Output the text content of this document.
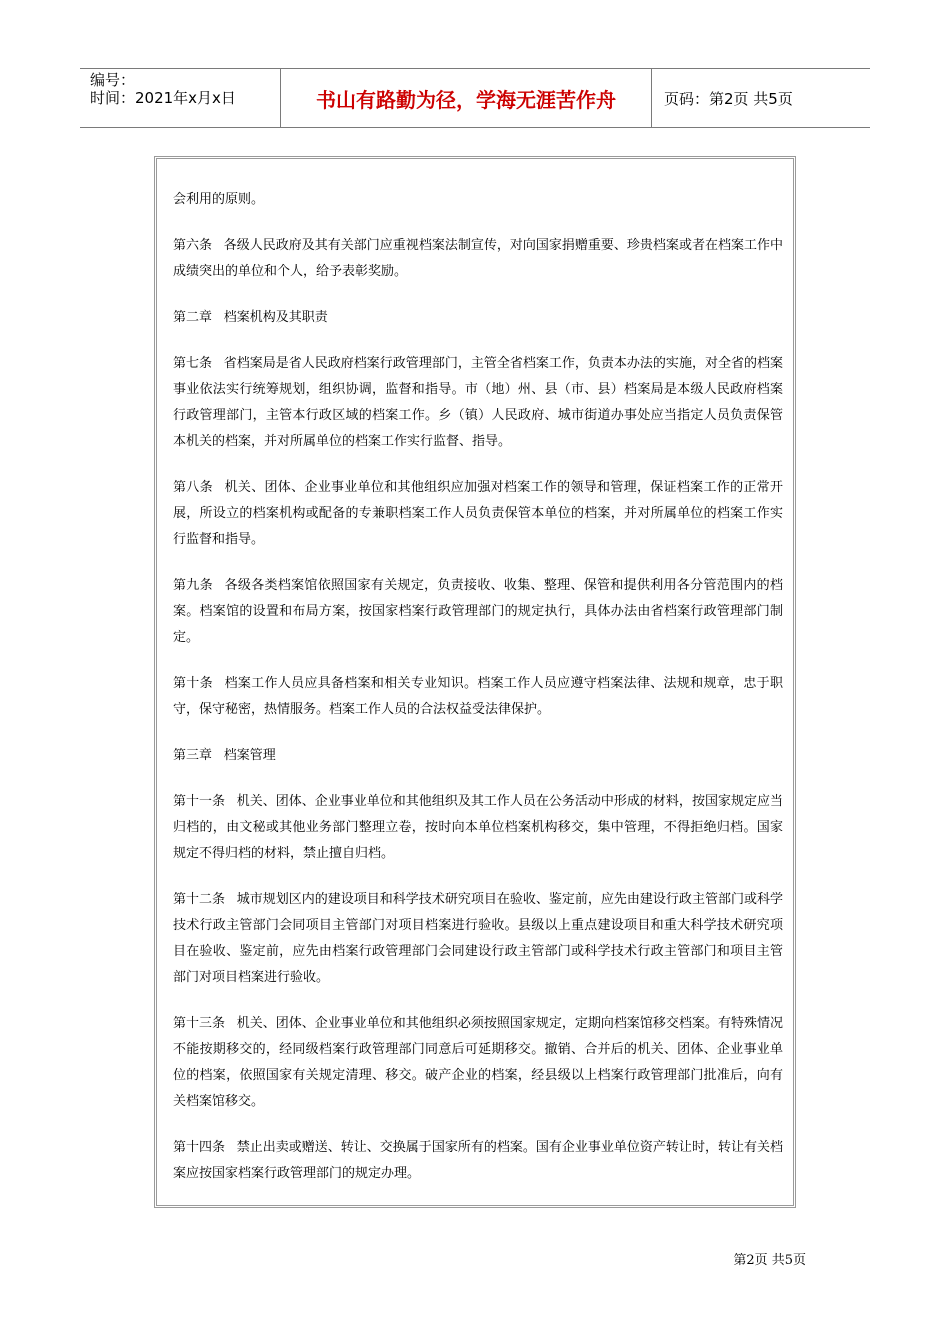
编号：
时间：2021年x月x日	书山有路勤为径，学海无涯苦作舟	页码：第2页 共5页

会利用的原则。

第六条 各级人民政府及其有关部门应重视档案法制宣传，对向国家捐赠重要、珍贵档案或者在档案工作中成绩突出的单位和个人，给予表彰奖励。

第二章 档案机构及其职责

第七条 省档案局是省人民政府档案行政管理部门，主管全省档案工作，负责本办法的实施，对全省的档案事业依法实行统筹规划，组织协调，监督和指导。市（地）州、县（市、县）档案局是本级人民政府档案行政管理部门，主管本行政区域的档案工作。乡（镇）人民政府、城市街道办事处应当指定人员负责保管本机关的档案，并对所属单位的档案工作实行监督、指导。

第八条 机关、团体、企业事业单位和其他组织应加强对档案工作的领导和管理，保证档案工作的正常开展，所设立的档案机构或配备的专兼职档案工作人员负责保管本单位的档案，并对所属单位的档案工作实行监督和指导。

第九条 各级各类档案馆依照国家有关规定，负责接收、收集、整理、保管和提供利用各分管范围内的档案。档案馆的设置和布局方案，按国家档案行政管理部门的规定执行，具体办法由省档案行政管理部门制定。

第十条 档案工作人员应具备档案和相关专业知识。档案工作人员应遵守档案法律、法规和规章，忠于职守，保守秘密，热情服务。档案工作人员的合法权益受法律保护。

第三章 档案管理

第十一条 机关、团体、企业事业单位和其他组织及其工作人员在公务活动中形成的材料，按国家规定应当归档的，由文秘或其他业务部门整理立卷，按时向本单位档案机构移交，集中管理，不得拒绝归档。国家规定不得归档的材料，禁止擅自归档。

第十二条 城市规划区内的建设项目和科学技术研究项目在验收、鉴定前，应先由建设行政主管部门或科学技术行政主管部门会同项目主管部门对项目档案进行验收。县级以上重点建设项目和重大科学技术研究项目在验收、鉴定前，应先由档案行政管理部门会同建设行政主管部门或科学技术行政主管部门和项目主管部门对项目档案进行验收。

第十三条 机关、团体、企业事业单位和其他组织必须按照国家规定，定期向档案馆移交档案。有特殊情况不能按期移交的，经同级档案行政管理部门同意后可延期移交。撤销、合并后的机关、团体、企业事业单位的档案，依照国家有关规定清理、移交。破产企业的档案，经县级以上档案行政管理部门批准后，向有关档案馆移交。

第十四条 禁止出卖或赠送、转让、交换属于国家所有的档案。国有企业事业单位资产转让时，转让有关档案应按国家档案行政管理部门的规定办理。

第2页 共5页
